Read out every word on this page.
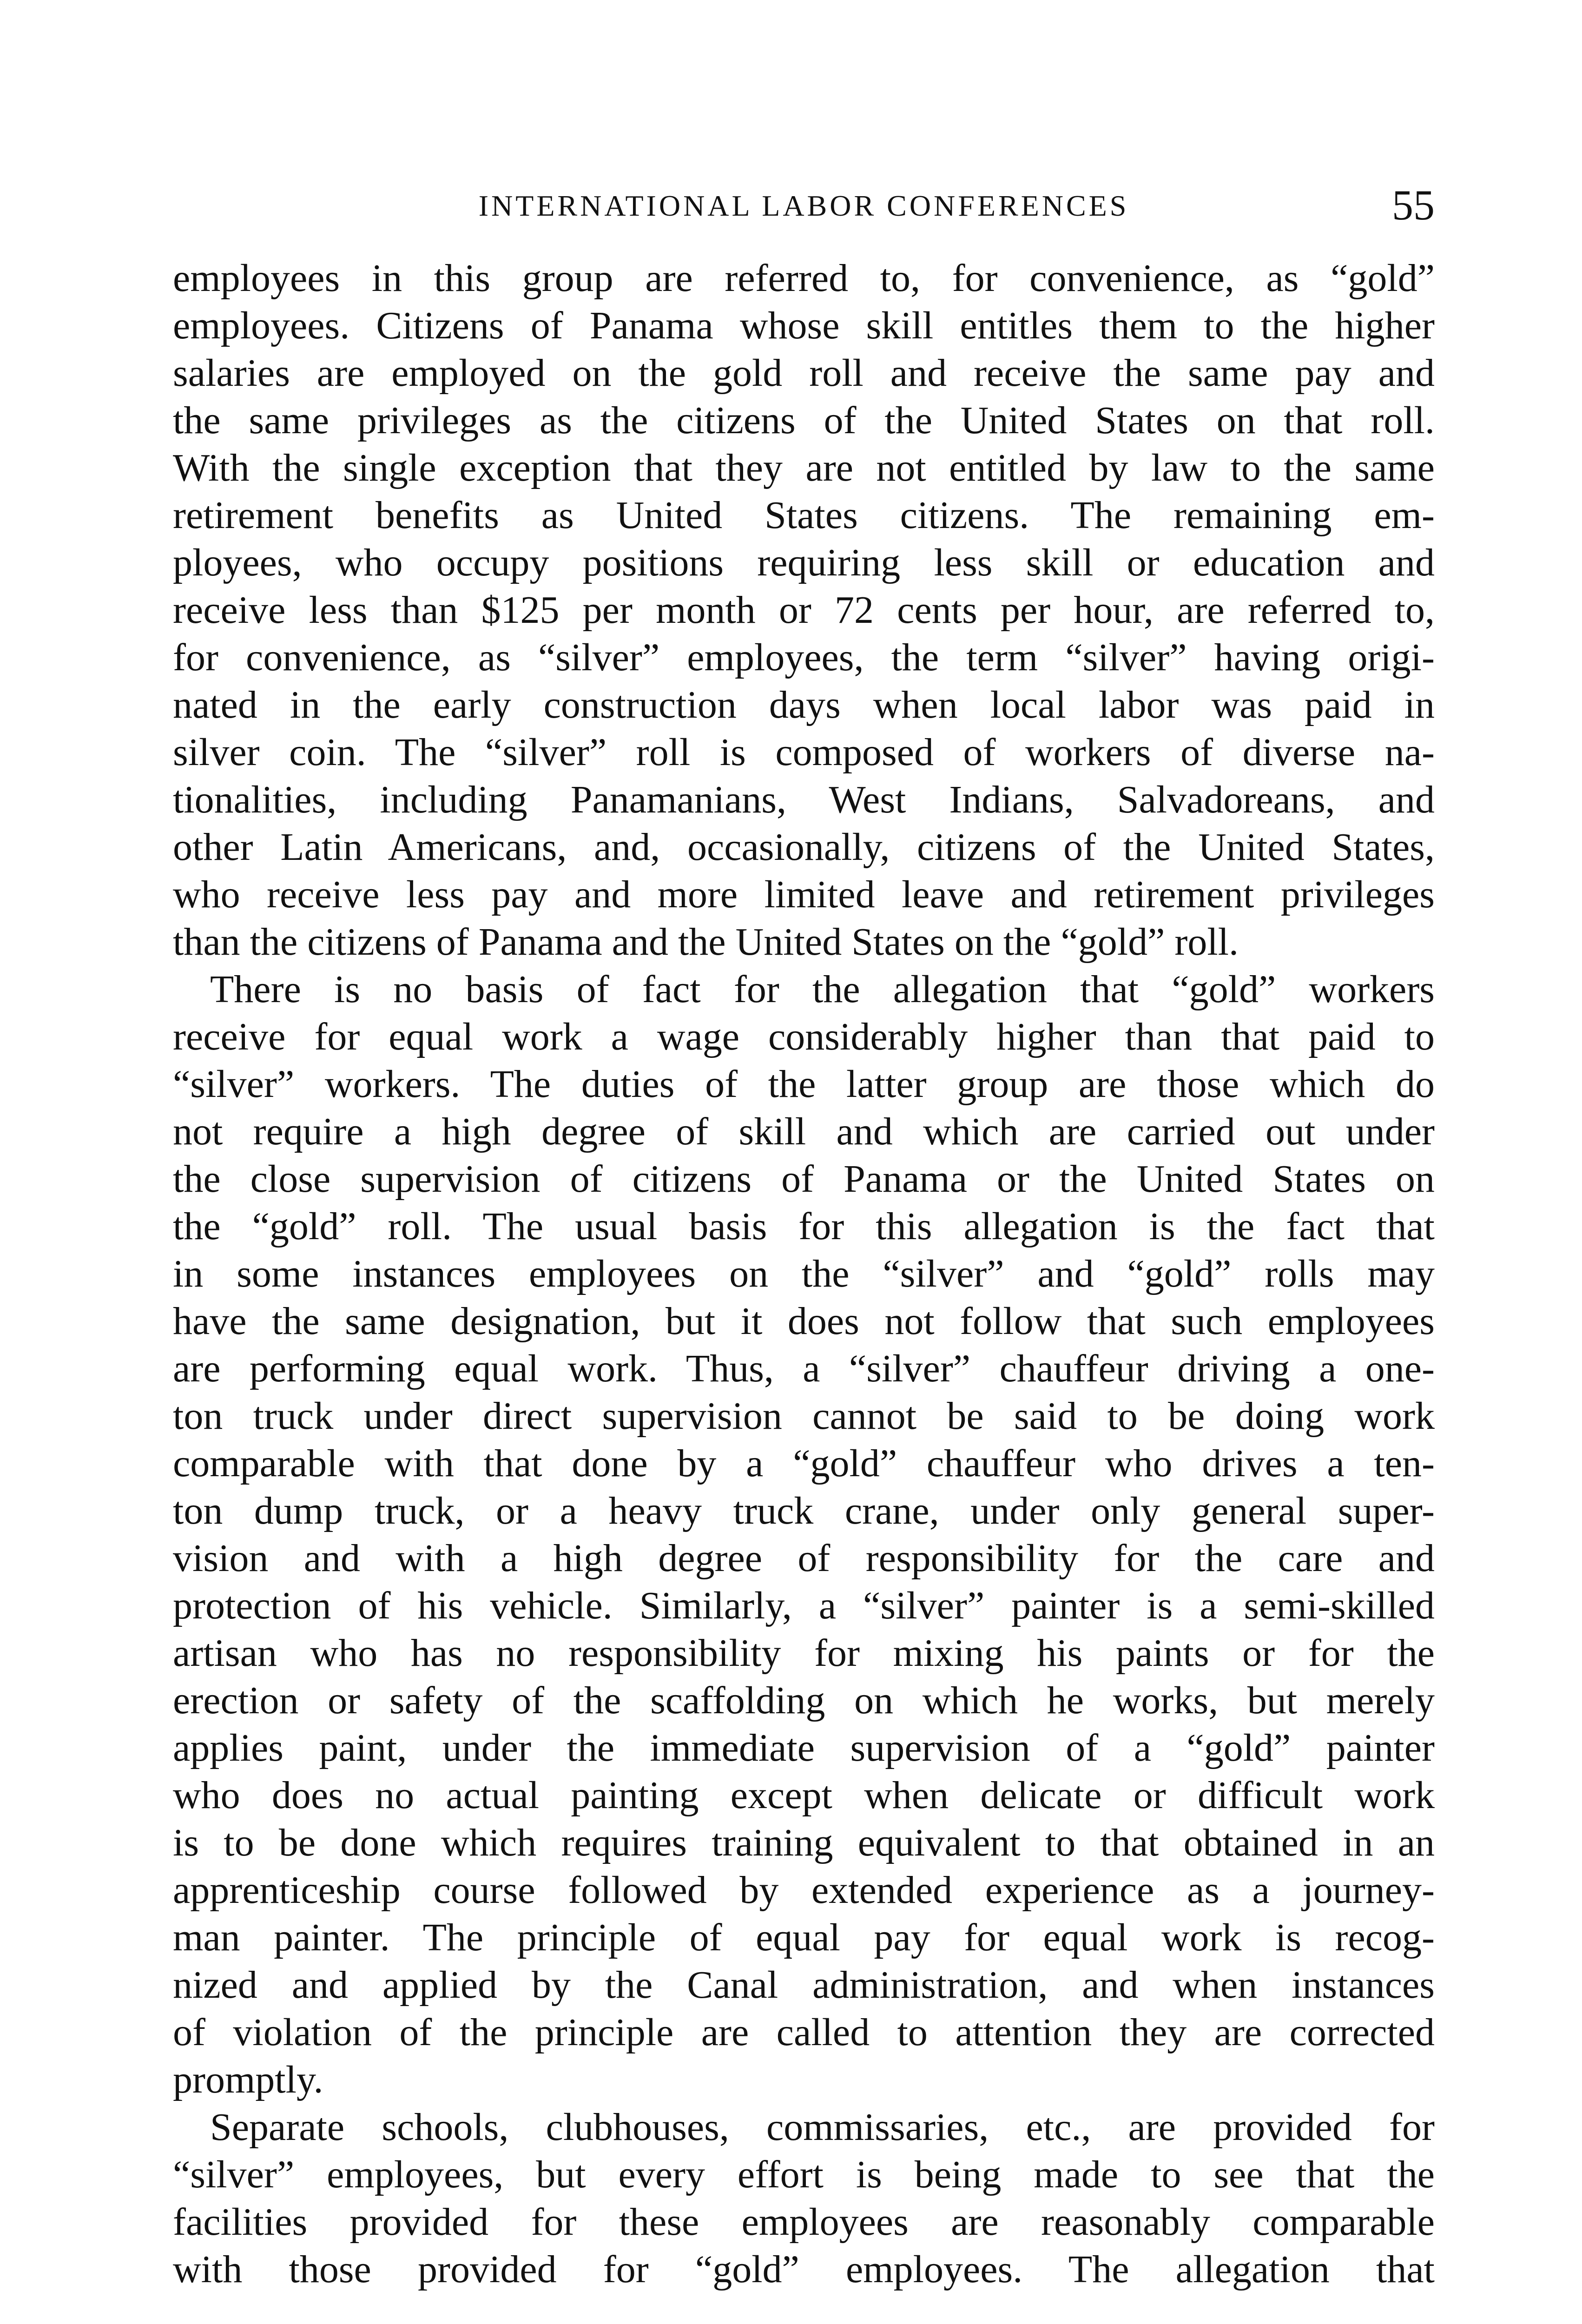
INTERNATIONAL LABOR CONFERENCES	55

employees in this group are referred to, for convenience, as “gold”
employees. Citizens of Panama whose skill entitles them to the higher
salaries are employed on the gold roll and receive the same pay and
the same privileges as the citizens of the United States on that roll.
With the single exception that they are not entitled by law to the same
retirement benefits as United States citizens. The remaining em-
ployees, who occupy positions requiring less skill or education and
receive less than $125 per month or 72 cents per hour, are referred to,
for convenience, as “silver” employees, the term “silver” having origi-
nated in the early construction days when local labor was paid in
silver coin. The “silver” roll is composed of workers of diverse na-
tionalities, including Panamanians, West Indians, Salvadoreans, and
other Latin Americans, and, occasionally, citizens of the United States,
who receive less pay and more limited leave and retirement privileges
than the citizens of Panama and the United States on the “gold” roll.

There is no basis of fact for the allegation that “gold” workers
receive for equal work a wage considerably higher than that paid to
“silver” workers. The duties of the latter group are those which do
not require a high degree of skill and which are carried out under
the close supervision of citizens of Panama or the United States on
the “gold” roll. The usual basis for this allegation is the fact that
in some instances employees on the “silver” and “gold” rolls may
have the same designation, but it does not follow that such employees
are performing equal work. Thus, a “silver” chauffeur driving a one-
ton truck under direct supervision cannot be said to be doing work
comparable with that done by a “gold” chauffeur who drives a ten-
ton dump truck, or a heavy truck crane, under only general super-
vision and with a high degree of responsibility for the care and
protection of his vehicle. Similarly, a “silver” painter is a semi-skilled
artisan who has no responsibility for mixing his paints or for the
erection or safety of the scaffolding on which he works, but merely
applies paint, under the immediate supervision of a “gold” painter
who does no actual painting except when delicate or difficult work
is to be done which requires training equivalent to that obtained in an
apprenticeship course followed by extended experience as a journey-
man painter. The principle of equal pay for equal work is recog-
nized and applied by the Canal administration, and when instances
of violation of the principle are called to attention they are corrected
promptly.

Separate schools, clubhouses, commissaries, etc., are provided for
“silver” employees, but every effort is being made to see that the
facilities provided for these employees are reasonably comparable
with those provided for “gold” employees. The allegation that
